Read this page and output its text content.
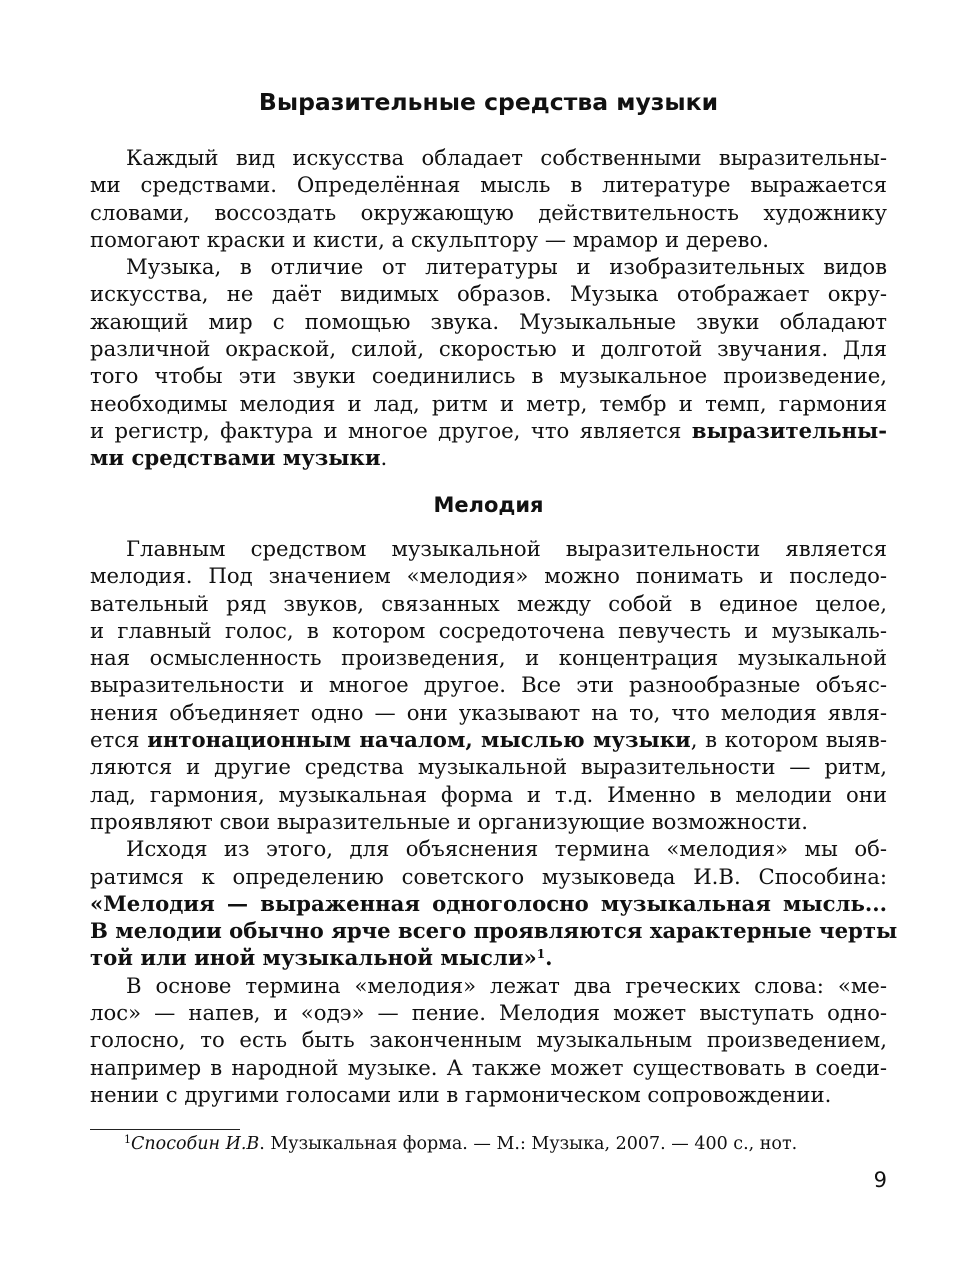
Выразительные средства музыки
Каждый вид искусства обладает собственными выразительны-
ми средствами. Определённая мысль в литературе выражается
словами, воссоздать окружающую действительность художнику
помогают краски и кисти, а скульптору — мрамор и дерево.
Музыка, в отличие от литературы и изобразительных видов
искусства, не даёт видимых образов. Музыка отображает окру-
жающий мир с помощью звука. Музыкальные звуки обладают
различной окраской, силой, скоростью и долготой звучания. Для
того чтобы эти звуки соединились в музыкальное произведение,
необходимы мелодия и лад, ритм и метр, тембр и темп, гармония
и регистр, фактура и многое другое, что является выразительны-
ми средствами музыки.
Мелодия
Главным средством музыкальной выразительности является
мелодия. Под значением «мелодия» можно понимать и последо-
вательный ряд звуков, связанных между собой в единое целое,
и главный голос, в котором сосредоточена певучесть и музыкаль-
ная осмысленность произведения, и концентрация музыкальной
выразительности и многое другое. Все эти разнообразные объяс-
нения объединяет одно — они указывают на то, что мелодия явля-
ется интонационным началом, мыслью музыки, в котором выяв-
ляются и другие средства музыкальной выразительности — ритм,
лад, гармония, музыкальная форма и т.д. Именно в мелодии они
проявляют свои выразительные и организующие возможности.
Исходя из этого, для объяснения термина «мелодия» мы об-
ратимся к определению советского музыковеда И.В. Способина:
«Мелодия — выраженная одноголосно музыкальная мысль...
В мелодии обычно ярче всего проявляются характерные черты
той или иной музыкальной мысли»$^1$.
В основе термина «мелодия» лежат два греческих слова: «ме-
лос» — напев, и «одэ» — пение. Мелодия может выступать одно-
голосно, то есть быть законченным музыкальным произведением,
например в народной музыке. А также может существовать в соеди-
нении с другими голосами или в гармоническом сопровождении.
$^1$Способин И.В. Музыкальная форма. — М.: Музыка, 2007. — 400 с., нот.
9
